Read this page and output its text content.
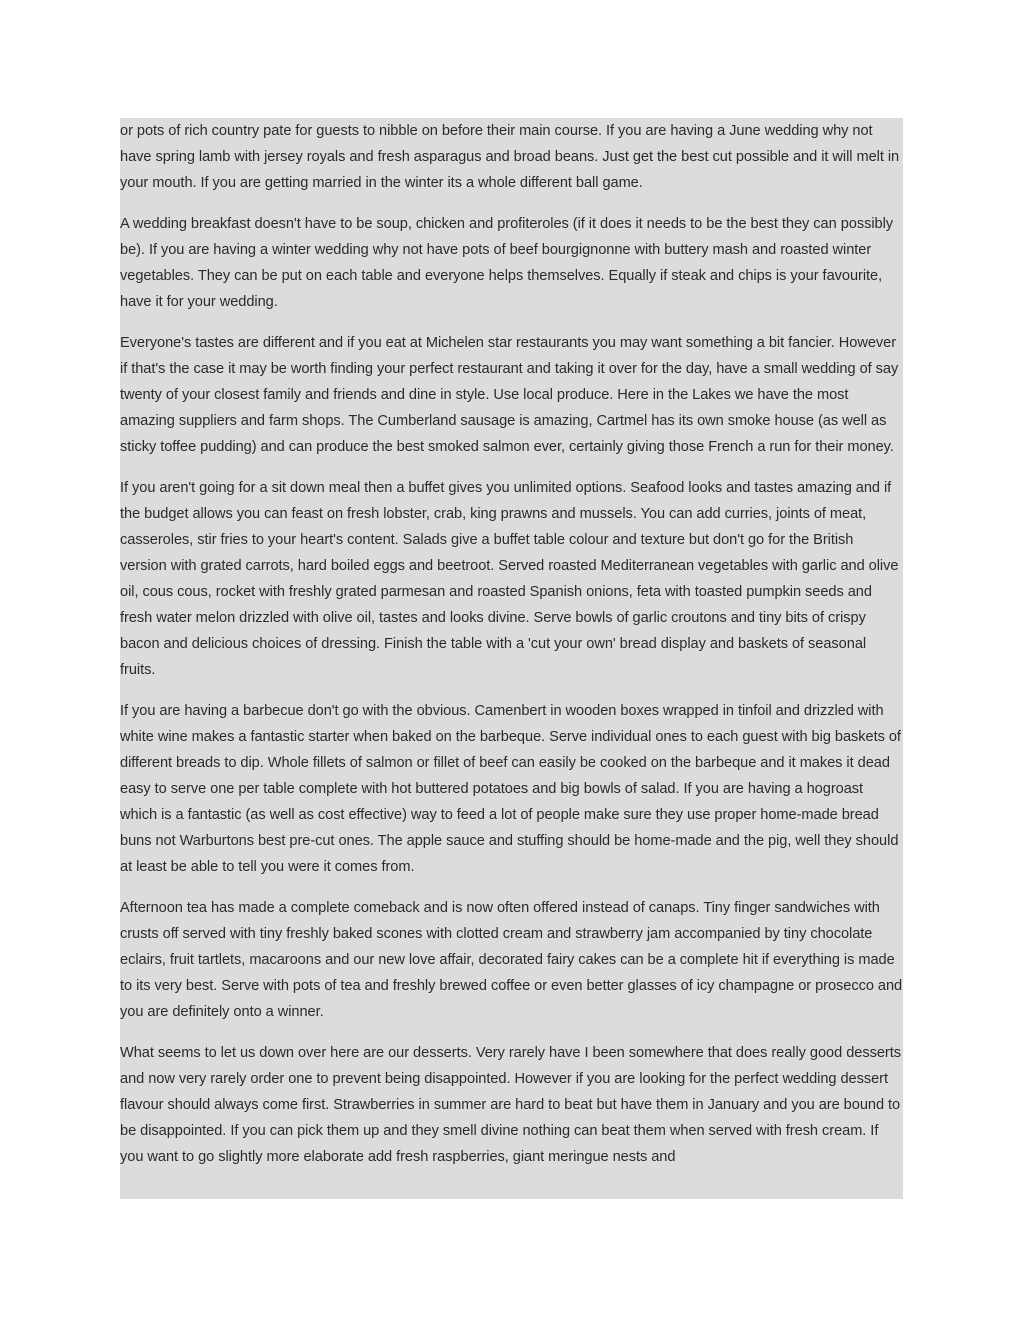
or pots of rich country pate for guests to nibble on before their main course. If you are having a June wedding why not have spring lamb with jersey royals and fresh asparagus and broad beans. Just get the best cut possible and it will melt in your mouth. If you are getting married in the winter its a whole different ball game.

A wedding breakfast doesn't have to be soup, chicken and profiteroles (if it does it needs to be the best they can possibly be). If you are having a winter wedding why not have pots of beef bourgignonne with buttery mash and roasted winter vegetables. They can be put on each table and everyone helps themselves. Equally if steak and chips is your favourite, have it for your wedding.

Everyone's tastes are different and if you eat at Michelen star restaurants you may want something a bit fancier. However if that's the case it may be worth finding your perfect restaurant and taking it over for the day, have a small wedding of say twenty of your closest family and friends and dine in style. Use local produce. Here in the Lakes we have the most amazing suppliers and farm shops. The Cumberland sausage is amazing, Cartmel has its own smoke house (as well as sticky toffee pudding) and can produce the best smoked salmon ever, certainly giving those French a run for their money.

If you aren't going for a sit down meal then a buffet gives you unlimited options. Seafood looks and tastes amazing and if the budget allows you can feast on fresh lobster, crab, king prawns and mussels. You can add curries, joints of meat, casseroles, stir fries to your heart's content. Salads give a buffet table colour and texture but don't go for the British version with grated carrots, hard boiled eggs and beetroot. Served roasted Mediterranean vegetables with garlic and olive oil, cous cous, rocket with freshly grated parmesan and roasted Spanish onions, feta with toasted pumpkin seeds and fresh water melon drizzled with olive oil, tastes and looks divine. Serve bowls of garlic croutons and tiny bits of crispy bacon and delicious choices of dressing. Finish the table with a 'cut your own' bread display and baskets of seasonal fruits.

If you are having a barbecue don't go with the obvious. Camenbert in wooden boxes wrapped in tinfoil and drizzled with white wine makes a fantastic starter when baked on the barbeque. Serve individual ones to each guest with big baskets of different breads to dip. Whole fillets of salmon or fillet of beef can easily be cooked on the barbeque and it makes it dead easy to serve one per table complete with hot buttered potatoes and big bowls of salad. If you are having a hogroast which is a fantastic (as well as cost effective) way to feed a lot of people make sure they use proper home-made bread buns not Warburtons best pre-cut ones. The apple sauce and stuffing should be home-made and the pig, well they should at least be able to tell you were it comes from.

Afternoon tea has made a complete comeback and is now often offered instead of canaps. Tiny finger sandwiches with crusts off served with tiny freshly baked scones with clotted cream and strawberry jam accompanied by tiny chocolate eclairs, fruit tartlets, macaroons and our new love affair, decorated fairy cakes can be a complete hit if everything is made to its very best. Serve with pots of tea and freshly brewed coffee or even better glasses of icy champagne or prosecco and you are definitely onto a winner.

What seems to let us down over here are our desserts. Very rarely have I been somewhere that does really good desserts and now very rarely order one to prevent being disappointed. However if you are looking for the perfect wedding dessert flavour should always come first. Strawberries in summer are hard to beat but have them in January and you are bound to be disappointed. If you can pick them up and they smell divine nothing can beat them when served with fresh cream. If you want to go slightly more elaborate add fresh raspberries, giant meringue nests and
